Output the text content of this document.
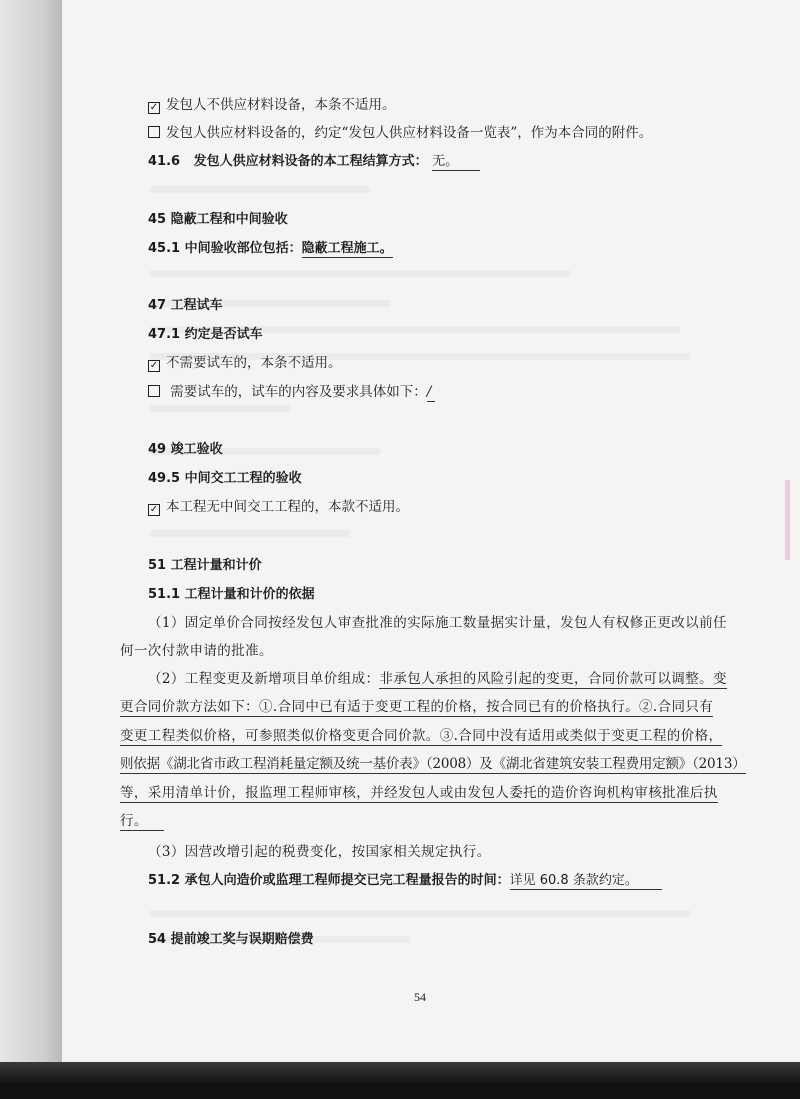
✓ 发包人不供应材料设备，本条不适用。
发包人供应材料设备的，约定“发包人供应材料设备一览表”，作为本合同的附件。
41.6 发包人供应材料设备的本工程结算方式： 无。
45 隐蔽工程和中间验收
45.1 中间验收部位包括：隐蔽工程施工。
47 工程试车
47.1 约定是否试车
✓ 不需要试车的，本条不适用。
需要试车的，试车的内容及要求具体如下：/
49 竣工验收
49.5 中间交工工程的验收
✓ 本工程无中间交工工程的，本款不适用。
51 工程计量和计价
51.1 工程计量和计价的依据
（1）固定单价合同按经发包人审查批准的实际施工数量据实计量，发包人有权修正更改以前任
何一次付款申请的批准。
（2）工程变更及新增项目单价组成：非承包人承担的风险引起的变更，合同价款可以调整。变
更合同价款方法如下：①.合同中已有适于变更工程的价格，按合同已有的价格执行。②.合同只有
变更工程类似价格，可参照类似价格变更合同价款。③.合同中没有适用或类似于变更工程的价格，
则依据《湖北省市政工程消耗量定额及统一基价表》（2008）及《湖北省建筑安装工程费用定额》（2013）
等，采用清单计价，报监理工程师审核，并经发包人或由发包人委托的造价咨询机构审核批准后执
行。
（3）因营改增引起的税费变化，按国家相关规定执行。
51.2 承包人向造价或监理工程师提交已完工程量报告的时间：详见 60.8 条款约定。
54 提前竣工奖与误期赔偿费
54
